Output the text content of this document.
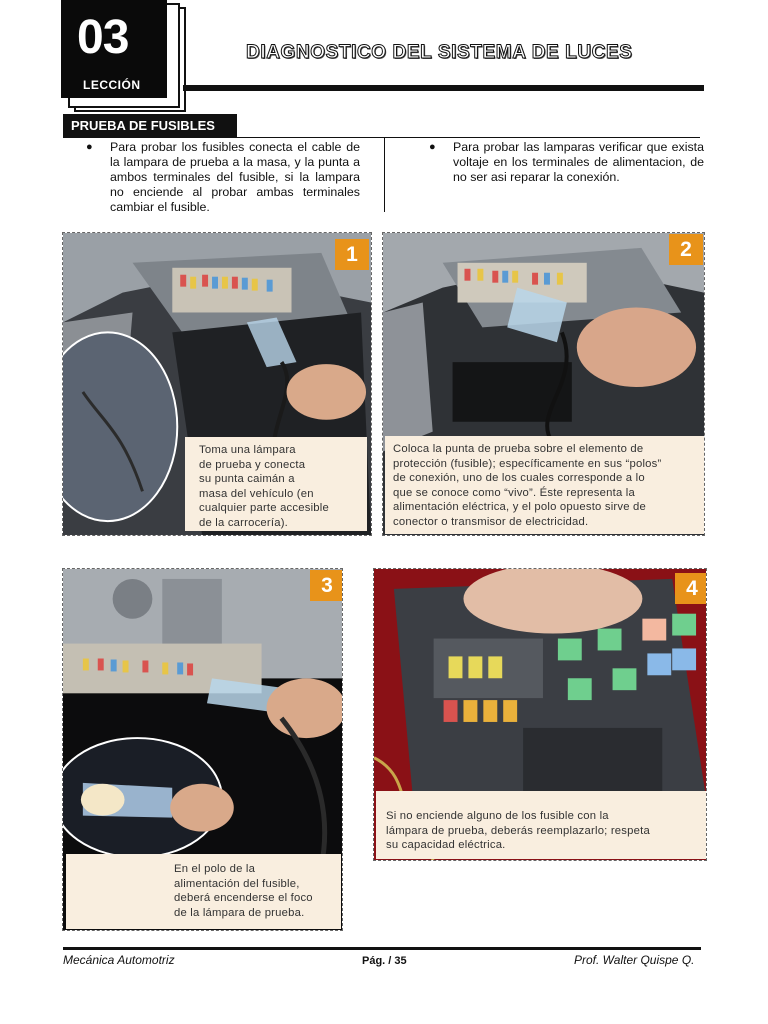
03
LECCIÓN
DIAGNOSTICO DEL SISTEMA DE LUCES
PRUEBA DE FUSIBLES
● Para probar los fusibles conecta el cable de la lampara de prueba a la masa, y la punta a ambos terminales del fusible, si la lampara no enciende al probar ambas terminales cambiar el fusible.
● Para probar las lamparas verificar que exista voltaje en los terminales de alimentacion, de no ser asi reparar la conexión.
1
Toma una lámpara
de prueba y conecta
su punta caimán a
masa del vehículo (en
cualquier parte accesible
de la carrocería).
2
Coloca la punta de prueba sobre el elemento de
protección (fusible); específicamente en sus “polos”
de conexión, uno de los cuales corresponde a lo
que se conoce como “vivo”. Éste representa la
alimentación eléctrica, y el polo opuesto sirve de
conector o transmisor de electricidad.
3
En el polo de la
alimentación del fusible,
deberá encenderse el foco
de la lámpara de prueba.
4
Si no enciende alguno de los fusible con la
lámpara de prueba, deberás reemplazarlo; respeta
su capacidad eléctrica.
Mecánica Automotriz	Pág. / 35	Prof. Walter Quispe Q.
